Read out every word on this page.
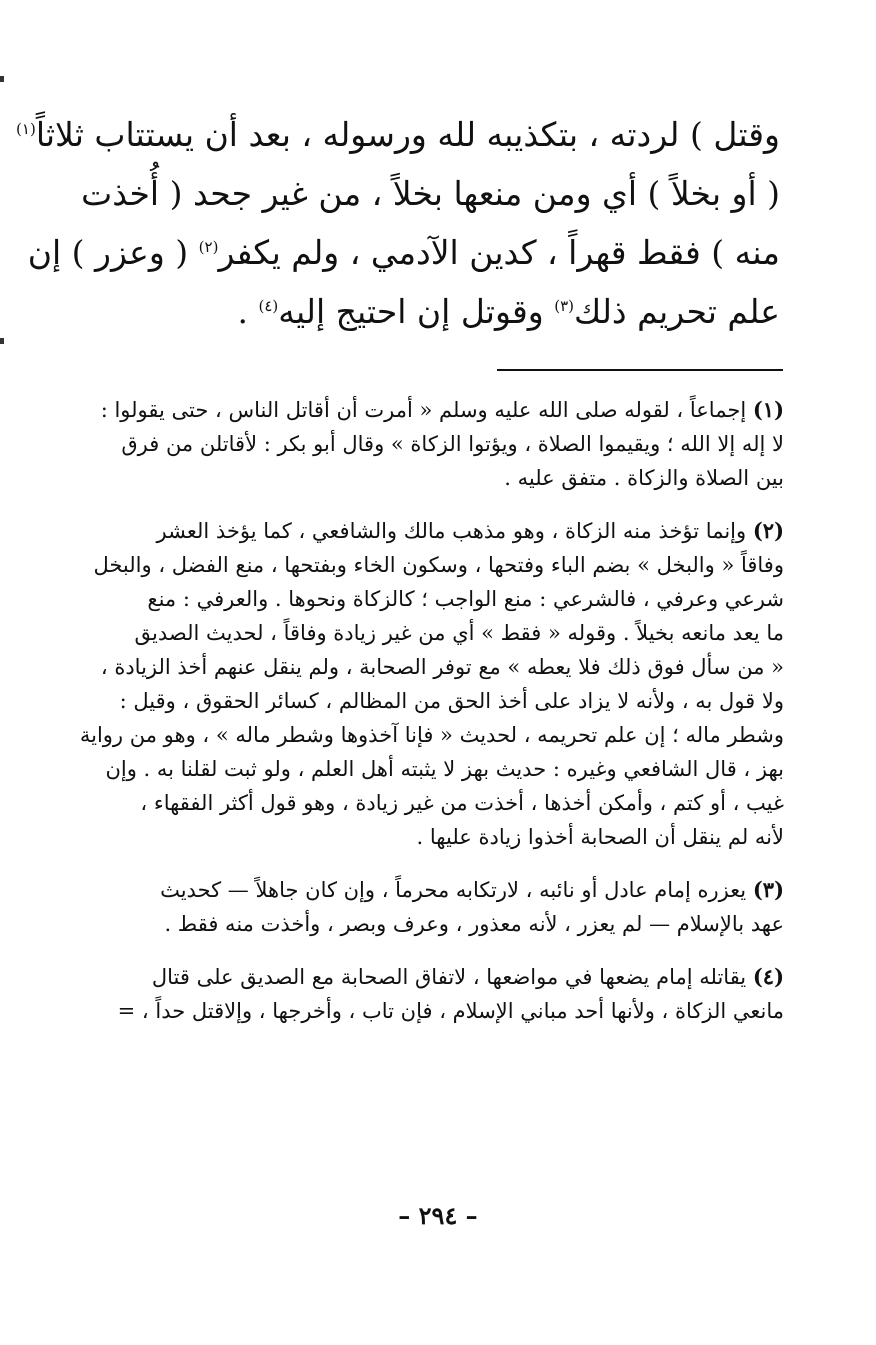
وقتل ) لردته ، بتكذيبه لله ورسوله ، بعد أن يستتاب ثلاثاً$^{(١)}$

( أو بخلاً ) أي ومن منعها بخلاً ، من غير جحد ( أُخذت

منه ) فقط قهراً ، كدين الآدمي ، ولم يكفر$^{(٢)}$ ( وعزر ) إن

علم تحريم ذلك$^{(٣)}$ وقوتل إن احتيج إليه$^{(٤)}$ .

(١) إجماعاً ، لقوله صلى الله عليه وسلم « أمرت أن أقاتل الناس ، حتى يقولوا :

لا إله إلا الله ؛ ويقيموا الصلاة ، ويؤتوا الزكاة » وقال أبو بكر : لأقاتلن من فرق

بين الصلاة والزكاة . متفق عليه .

(٢) وإنما تؤخذ منه الزكاة ، وهو مذهب مالك والشافعي ، كما يؤخذ العشر

وفاقاً « والبخل » بضم الباء وفتحها ، وسكون الخاء وبفتحها ، منع الفضل ، والبخل

شرعي وعرفي ، فالشرعي : منع الواجب ؛ كالزكاة ونحوها . والعرفي : منع

ما يعد مانعه بخيلاً . وقوله « فقط » أي من غير زيادة وفاقاً ، لحديث الصديق

« من سأل فوق ذلك فلا يعطه » مع توفر الصحابة ، ولم ينقل عنهم أخذ الزيادة ،

ولا قول به ، ولأنه لا يزاد على أخذ الحق من المظالم ، كسائر الحقوق ، وقيل :

وشطر ماله ؛ إن علم تحريمه ، لحديث « فإنا آخذوها وشطر ماله » ، وهو من رواية

بهز ، قال الشافعي وغيره : حديث بهز لا يثبته أهل العلم ، ولو ثبت لقلنا به . وإن

غيب ، أو كتم ، وأمكن أخذها ، أخذت من غير زيادة ، وهو قول أكثر الفقهاء ،

لأنه لم ينقل أن الصحابة أخذوا زيادة عليها .

(٣) يعزره إمام عادل أو نائبه ، لارتكابه محرماً ، وإن كان جاهلاً — كحديث

عهد بالإسلام — لم يعزر ، لأنه معذور ، وعرف وبصر ، وأخذت منه فقط .

(٤) يقاتله إمام يضعها في مواضعها ، لاتفاق الصحابة مع الصديق على قتال

مانعي الزكاة ، ولأنها أحد مباني الإسلام ، فإن تاب ، وأخرجها ، وإلاقتل حداً ، =

– ٢٩٤ –
